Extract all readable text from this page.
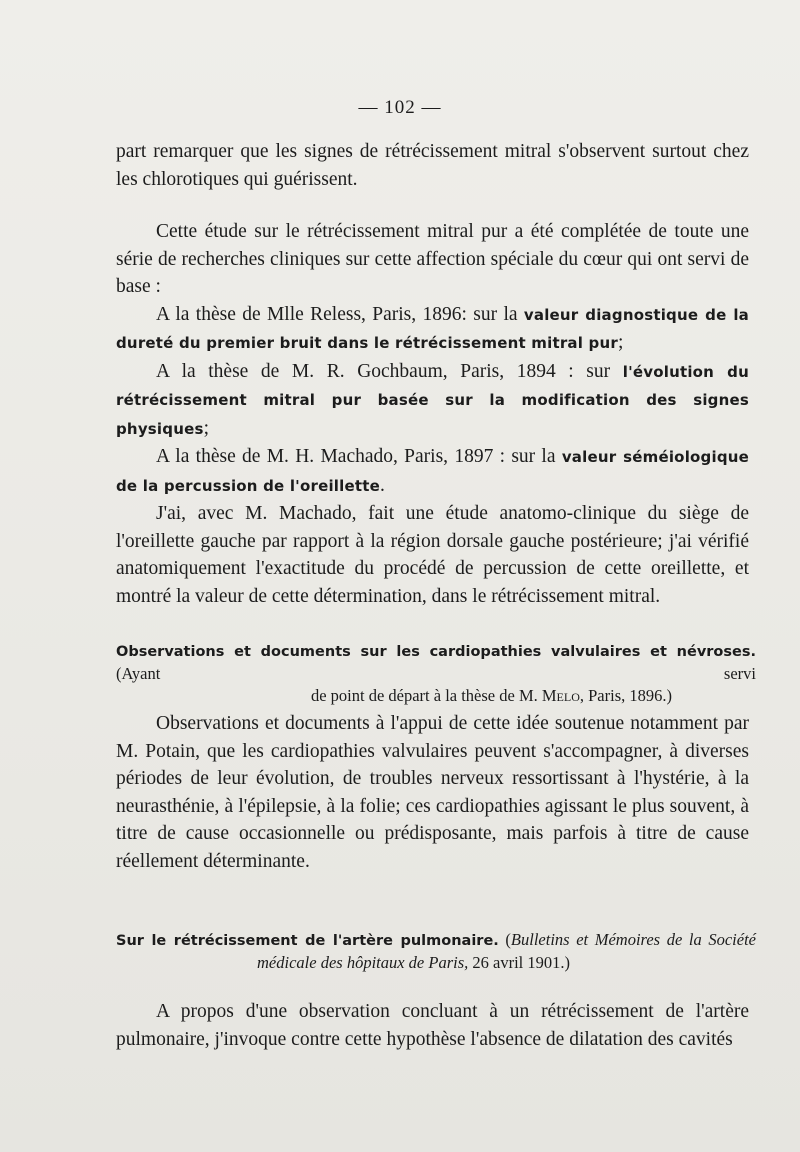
— 102 —

part remarquer que les signes de rétrécissement mitral s'observent surtout chez les chlorotiques qui guérissent.

Cette étude sur le rétrécissement mitral pur a été complétée de toute une série de recherches cliniques sur cette affection spéciale du cœur qui ont servi de base :

A la thèse de Mlle Reless, Paris, 1896: sur la valeur diagnostique de la dureté du premier bruit dans le rétrécissement mitral pur;

A la thèse de M. R. Gochbaum, Paris, 1894 : sur l'évolution du rétrécissement mitral pur basée sur la modification des signes physiques;

A la thèse de M. H. Machado, Paris, 1897 : sur la valeur séméiologique de la percussion de l'oreillette.

J'ai, avec M. Machado, fait une étude anatomo-clinique du siège de l'oreillette gauche par rapport à la région dorsale gauche postérieure; j'ai vérifié anatomiquement l'exactitude du procédé de percussion de cette oreillette, et montré la valeur de cette détermination, dans le rétrécissement mitral.

Observations et documents sur les cardiopathies valvulaires et névroses. (Ayant servi
de point de départ à la thèse de M. Melo, Paris, 1896.)

Observations et documents à l'appui de cette idée soutenue notamment par M. Potain, que les cardiopathies valvulaires peuvent s'accompagner, à diverses périodes de leur évolution, de troubles nerveux ressortissant à l'hystérie, à la neurasthénie, à l'épilepsie, à la folie; ces cardiopathies agissant le plus souvent, à titre de cause occasionnelle ou prédisposante, mais parfois à titre de cause réellement déterminante.

Sur le rétrécissement de l'artère pulmonaire. (Bulletins et Mémoires de la Société
médicale des hôpitaux de Paris, 26 avril 1901.)

A propos d'une observation concluant à un rétrécissement de l'artère pulmonaire, j'invoque contre cette hypothèse l'absence de dilatation des cavités
